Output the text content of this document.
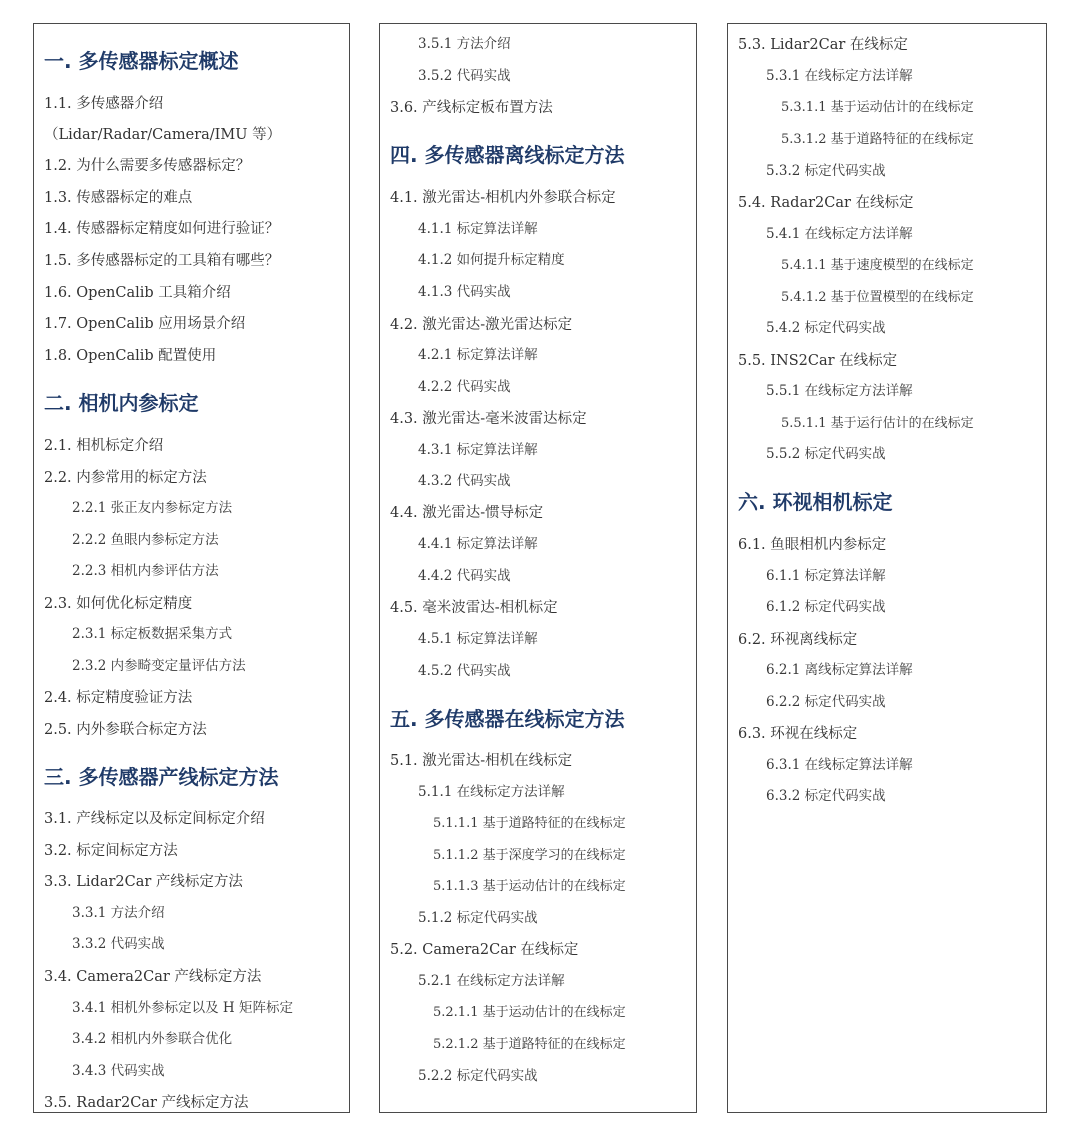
一. 多传感器标定概述
1.1. 多传感器介绍
（Lidar/Radar/Camera/IMU 等）
1.2. 为什么需要多传感器标定？
1.3. 传感器标定的难点
1.4. 传感器标定精度如何进行验证？
1.5. 多传感器标定的工具箱有哪些？
1.6. OpenCalib 工具箱介绍
1.7. OpenCalib 应用场景介绍
1.8. OpenCalib 配置使用
二. 相机内参标定
2.1. 相机标定介绍
2.2. 内参常用的标定方法
2.2.1 张正友内参标定方法
2.2.2 鱼眼内参标定方法
2.2.3 相机内参评估方法
2.3. 如何优化标定精度
2.3.1 标定板数据采集方式
2.3.2 内参畸变定量评估方法
2.4. 标定精度验证方法
2.5. 内外参联合标定方法
三. 多传感器产线标定方法
3.1. 产线标定以及标定间标定介绍
3.2. 标定间标定方法
3.3. Lidar2Car 产线标定方法
3.3.1 方法介绍
3.3.2 代码实战
3.4. Camera2Car 产线标定方法
3.4.1 相机外参标定以及 H 矩阵标定
3.4.2 相机内外参联合优化
3.4.3 代码实战
3.5. Radar2Car 产线标定方法
3.5.1 方法介绍
3.5.2 代码实战
3.6. 产线标定板布置方法
四. 多传感器离线标定方法
4.1. 激光雷达-相机内外参联合标定
4.1.1 标定算法详解
4.1.2 如何提升标定精度
4.1.3 代码实战
4.2. 激光雷达-激光雷达标定
4.2.1 标定算法详解
4.2.2 代码实战
4.3. 激光雷达-毫米波雷达标定
4.3.1 标定算法详解
4.3.2 代码实战
4.4. 激光雷达-惯导标定
4.4.1 标定算法详解
4.4.2 代码实战
4.5. 毫米波雷达-相机标定
4.5.1 标定算法详解
4.5.2 代码实战
五. 多传感器在线标定方法
5.1. 激光雷达-相机在线标定
5.1.1 在线标定方法详解
5.1.1.1 基于道路特征的在线标定
5.1.1.2 基于深度学习的在线标定
5.1.1.3 基于运动估计的在线标定
5.1.2 标定代码实战
5.2. Camera2Car 在线标定
5.2.1 在线标定方法详解
5.2.1.1 基于运动估计的在线标定
5.2.1.2 基于道路特征的在线标定
5.2.2 标定代码实战
5.3. Lidar2Car 在线标定
5.3.1 在线标定方法详解
5.3.1.1 基于运动估计的在线标定
5.3.1.2 基于道路特征的在线标定
5.3.2 标定代码实战
5.4. Radar2Car 在线标定
5.4.1 在线标定方法详解
5.4.1.1 基于速度模型的在线标定
5.4.1.2 基于位置模型的在线标定
5.4.2 标定代码实战
5.5. INS2Car 在线标定
5.5.1 在线标定方法详解
5.5.1.1 基于运行估计的在线标定
5.5.2 标定代码实战
六. 环视相机标定
6.1. 鱼眼相机内参标定
6.1.1 标定算法详解
6.1.2 标定代码实战
6.2. 环视离线标定
6.2.1 离线标定算法详解
6.2.2 标定代码实战
6.3. 环视在线标定
6.3.1 在线标定算法详解
6.3.2 标定代码实战
